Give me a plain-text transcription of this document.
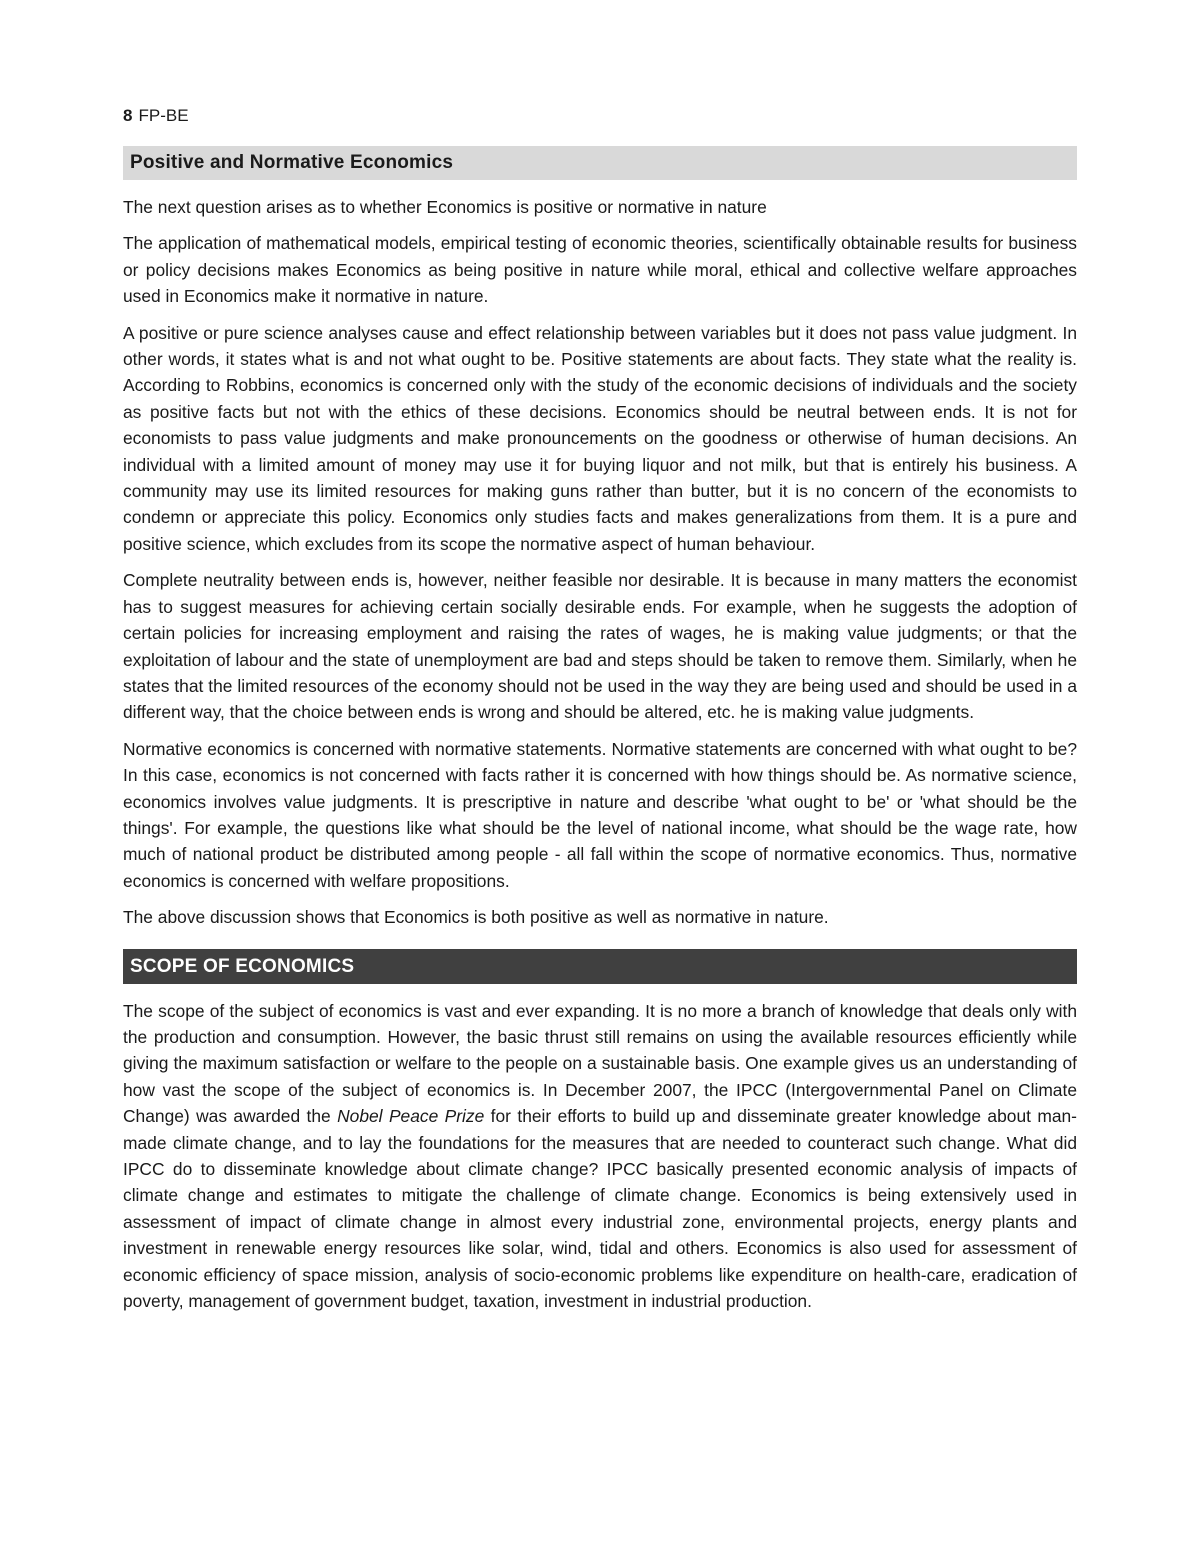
8 FP-BE
Positive and Normative Economics

The next question arises as to whether Economics is positive or normative in nature

The application of mathematical models, empirical testing of economic theories, scientifically obtainable results for business or policy decisions makes Economics as being positive in nature while moral, ethical and collective welfare approaches used in Economics make it normative in nature.

A positive or pure science analyses cause and effect relationship between variables but it does not pass value judgment. In other words, it states what is and not what ought to be. Positive statements are about facts. They state what the reality is. According to Robbins, economics is concerned only with the study of the economic decisions of individuals and the society as positive facts but not with the ethics of these decisions. Economics should be neutral between ends. It is not for economists to pass value judgments and make pronouncements on the goodness or otherwise of human decisions. An individual with a limited amount of money may use it for buying liquor and not milk, but that is entirely his business. A community may use its limited resources for making guns rather than butter, but it is no concern of the economists to condemn or appreciate this policy. Economics only studies facts and makes generalizations from them. It is a pure and positive science, which excludes from its scope the normative aspect of human behaviour.

Complete neutrality between ends is, however, neither feasible nor desirable. It is because in many matters the economist has to suggest measures for achieving certain socially desirable ends. For example, when he suggests the adoption of certain policies for increasing employment and raising the rates of wages, he is making value judgments; or that the exploitation of labour and the state of unemployment are bad and steps should be taken to remove them. Similarly, when he states that the limited resources of the economy should not be used in the way they are being used and should be used in a different way, that the choice between ends is wrong and should be altered, etc. he is making value judgments.

Normative economics is concerned with normative statements. Normative statements are concerned with what ought to be? In this case, economics is not concerned with facts rather it is concerned with how things should be. As normative science, economics involves value judgments. It is prescriptive in nature and describe 'what ought to be' or 'what should be the things'. For example, the questions like what should be the level of national income, what should be the wage rate, how much of national product be distributed among people - all fall within the scope of normative economics. Thus, normative economics is concerned with welfare propositions.

The above discussion shows that Economics is both positive as well as normative in nature.

SCOPE OF ECONOMICS

The scope of the subject of economics is vast and ever expanding. It is no more a branch of knowledge that deals only with the production and consumption. However, the basic thrust still remains on using the available resources efficiently while giving the maximum satisfaction or welfare to the people on a sustainable basis. One example gives us an understanding of how vast the scope of the subject of economics is. In December 2007, the IPCC (Intergovernmental Panel on Climate Change) was awarded the Nobel Peace Prize for their efforts to build up and disseminate greater knowledge about man-made climate change, and to lay the foundations for the measures that are needed to counteract such change. What did IPCC do to disseminate knowledge about climate change? IPCC basically presented economic analysis of impacts of climate change and estimates to mitigate the challenge of climate change. Economics is being extensively used in assessment of impact of climate change in almost every industrial zone, environmental projects, energy plants and investment in renewable energy resources like solar, wind, tidal and others. Economics is also used for assessment of economic efficiency of space mission, analysis of socio-economic problems like expenditure on health-care, eradication of poverty, management of government budget, taxation, investment in industrial production.
